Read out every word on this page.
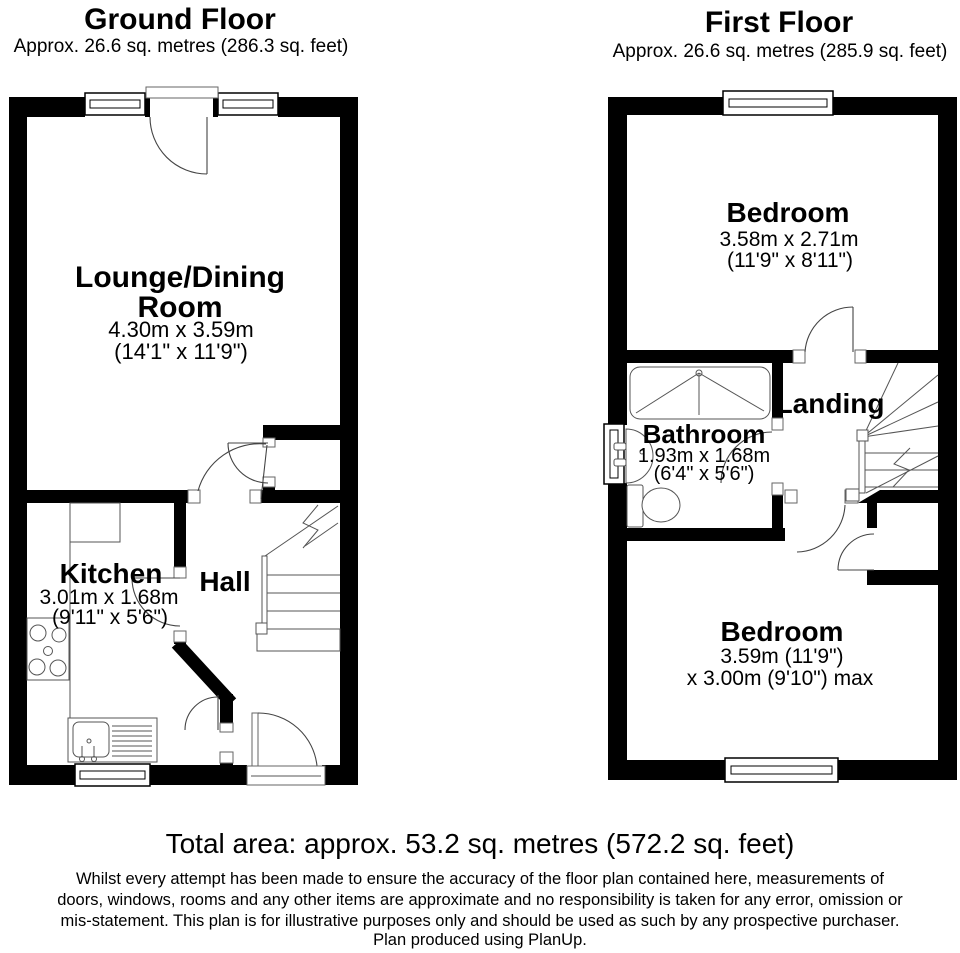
Ground Floor
Approx. 26.6 sq. metres (286.3 sq. feet)
Lounge/Dining
Room
4.30m x 3.59m
(14'1" x 11'9")
Kitchen
3.01m x 1.68m
(9'11" x 5'6")
Hall
First Floor
Approx. 26.6 sq. metres (285.9 sq. feet)
Bedroom
3.58m x 2.71m
(11'9" x 8'11")
Bathroom
1.93m x 1.68m
(6'4" x 5'6")
Landing
Bedroom
3.59m (11'9")
x 3.00m (9'10") max
Total area: approx. 53.2 sq. metres (572.2 sq. feet)
Whilst every attempt has been made to ensure the accuracy of the floor plan contained here, measurements of
doors, windows, rooms and any other items are approximate and no responsibility is taken for any error, omission or
mis-statement. This plan is for illustrative purposes only and should be used as such by any prospective purchaser.
Plan produced using PlanUp.
